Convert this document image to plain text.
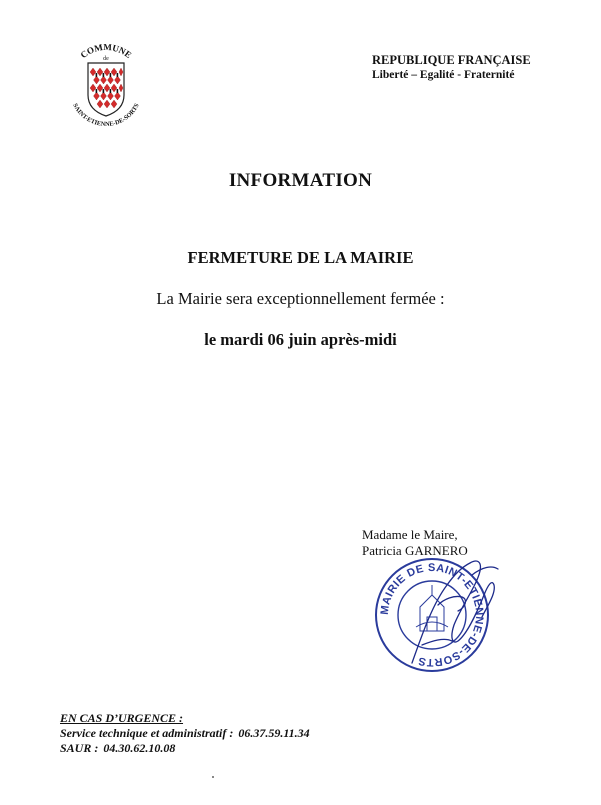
COMMUNE
de
SAINT-ETIENNE-DE-SORTS
REPUBLIQUE FRANÇAISE
Liberté – Egalité - Fraternité
INFORMATION
FERMETURE DE LA MAIRIE
La Mairie sera exceptionnellement fermée :
le mardi 06 juin après-midi
Madame le Maire,
Patricia GARNERO
MAIRIE DE SAINT-ETIENNE-DE-SORTS
EN CAS D’URGENCE :
Service technique et administratif : 06.37.59.11.34
SAUR : 04.30.62.10.08
